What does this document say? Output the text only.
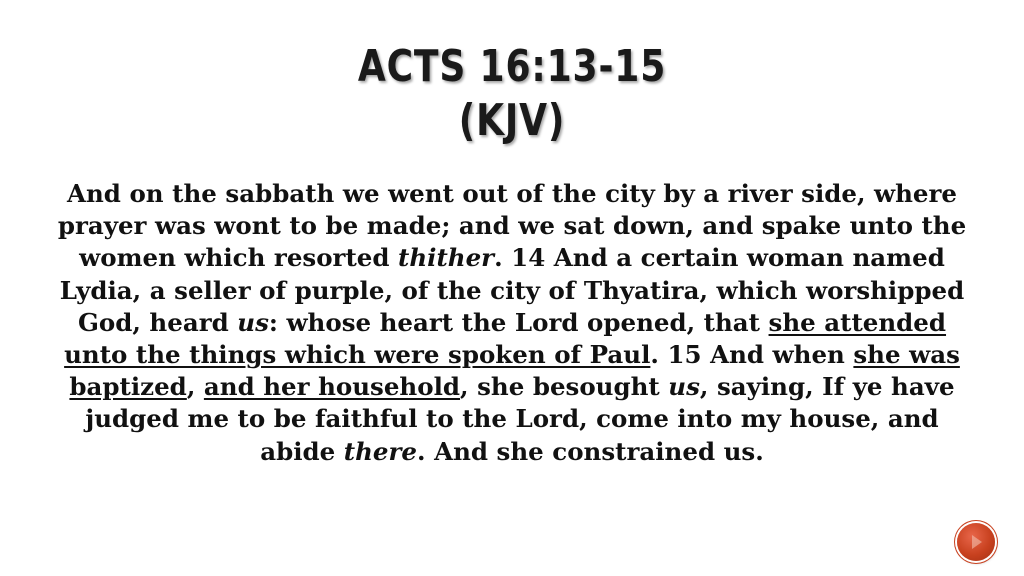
ACTS 16:13-15
(KJV)
And on the sabbath we went out of the city by a river side, where prayer was wont to be made; and we sat down, and spake unto the women which resorted thither. 14 And a certain woman named Lydia, a seller of purple, of the city of Thyatira, which worshipped God, heard us: whose heart the Lord opened, that she attended unto the things which were spoken of Paul. 15 And when she was baptized, and her household, she besought us, saying, If ye have judged me to be faithful to the Lord, come into my house, and abide there. And she constrained us.
